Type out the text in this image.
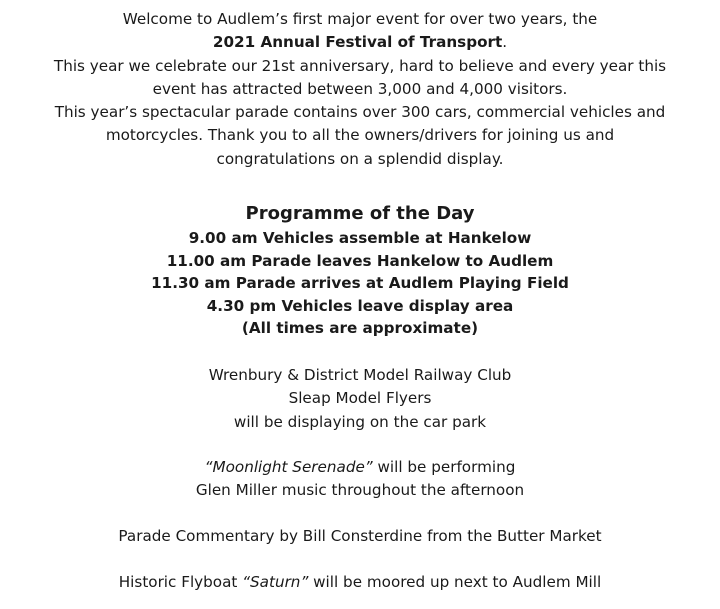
Welcome to Audlem’s first major event for over two years, the
2021 Annual Festival of Transport.
This year we celebrate our 21st anniversary, hard to believe and every year this
event has attracted between 3,000 and 4,000 visitors.
This year’s spectacular parade contains over 300 cars, commercial vehicles and
motorcycles. Thank you to all the owners/drivers for joining us and
congratulations on a splendid display.
Programme of the Day
9.00 am Vehicles assemble at Hankelow
11.00 am Parade leaves Hankelow to Audlem
11.30 am Parade arrives at Audlem Playing Field
4.30 pm Vehicles leave display area
(All times are approximate)
Wrenbury & District Model Railway Club
Sleap Model Flyers
will be displaying on the car park
“Moonlight Serenade” will be performing
Glen Miller music throughout the afternoon
Parade Commentary by Bill Consterdine from the Butter Market
Historic Flyboat “Saturn” will be moored up next to Audlem Mill
